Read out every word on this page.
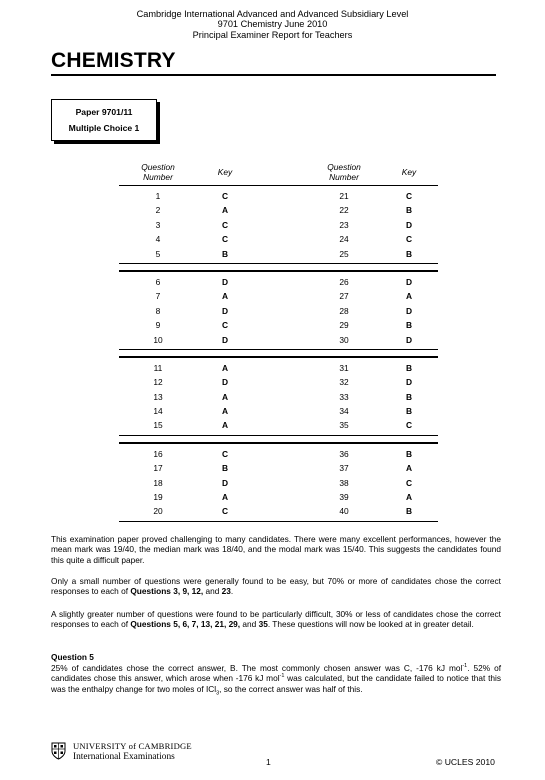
Cambridge International Advanced and Advanced Subsidiary Level
9701 Chemistry June 2010
Principal Examiner Report for Teachers
CHEMISTRY
Paper 9701/11
Multiple Choice 1
Question Number	Key	Question Number	Key
1	C	21	C
2	A	22	B
3	C	23	D
4	C	24	C
5	B	25	B
6	D	26	D
7	A	27	A
8	D	28	D
9	C	29	B
10	D	30	D
11	A	31	B
12	D	32	D
13	A	33	B
14	A	34	B
15	A	35	C
16	C	36	B
17	B	37	A
18	D	38	C
19	A	39	A
20	C	40	B
This examination paper proved challenging to many candidates. There were many excellent performances, however the mean mark was 19/40, the median mark was 18/40, and the modal mark was 15/40. This suggests the candidates found this quite a difficult paper.
Only a small number of questions were generally found to be easy, but 70% or more of candidates chose the correct responses to each of Questions 3, 9, 12, and 23.
A slightly greater number of questions were found to be particularly difficult, 30% or less of candidates chose the correct responses to each of Questions 5, 6, 7, 13, 21, 29, and 35. These questions will now be looked at in greater detail.
Question 5
25% of candidates chose the correct answer, B. The most commonly chosen answer was C, -176 kJ mol$^{-1}$. 52% of candidates chose this answer, which arose when -176 kJ mol$^{-1}$ was calculated, but the candidate failed to notice that this was the enthalpy change for two moles of ICl$_3$, so the correct answer was half of this.
UNIVERSITY of CAMBRIDGE
International Examinations	1	© UCLES 2010
